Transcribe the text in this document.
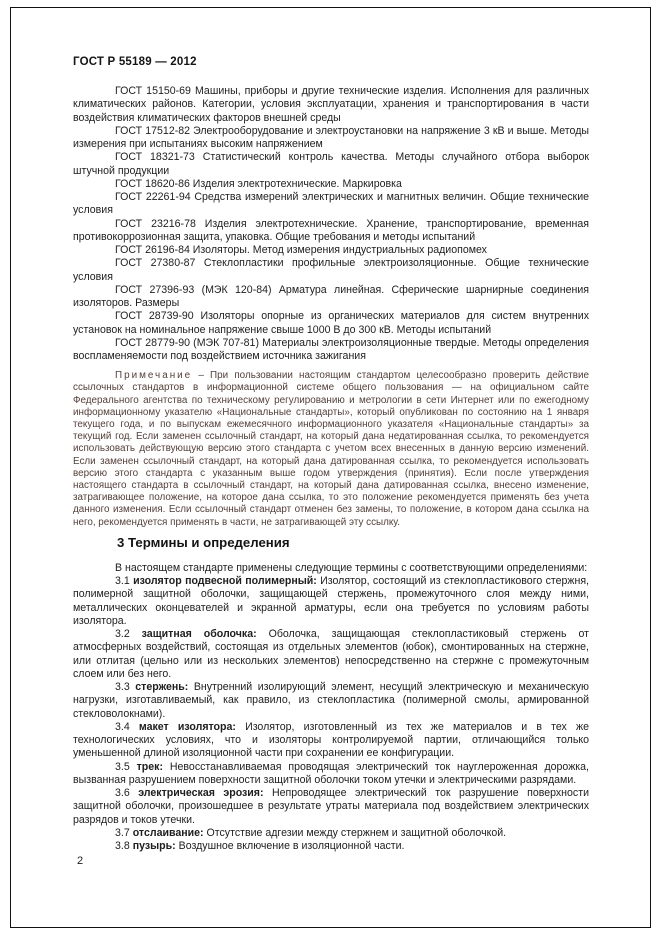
ГОСТ Р 55189 — 2012

ГОСТ 15150-69 Машины, приборы и другие технические изделия. Исполнения для различных климатических районов. Категории, условия эксплуатации, хранения и транспортирования в части воздействия климатических факторов внешней среды

ГОСТ 17512-82 Электрооборудование и электроустановки на напряжение 3 кВ и выше. Методы измерения при испытаниях высоким напряжением

ГОСТ 18321-73 Статистический контроль качества. Методы случайного отбора выборок штучной продукции

ГОСТ 18620-86 Изделия электротехнические. Маркировка

ГОСТ 22261-94 Средства измерений электрических и магнитных величин. Общие технические условия

ГОСТ 23216-78 Изделия электротехнические. Хранение, транспортирование, временная противокоррозионная защита, упаковка. Общие требования и методы испытаний

ГОСТ 26196-84 Изоляторы. Метод измерения индустриальных радиопомех

ГОСТ 27380-87 Стеклопластики профильные электроизоляционные. Общие технические условия

ГОСТ 27396-93 (МЭК 120-84) Арматура линейная. Сферические шарнирные соединения изоляторов. Размеры

ГОСТ 28739-90 Изоляторы опорные из органических материалов для систем внутренних установок на номинальное напряжение свыше 1000 В до 300 кВ. Методы испытаний

ГОСТ 28779-90 (МЭК 707-81) Материалы электроизоляционные твердые. Методы определения воспламеняемости под воздействием источника зажигания

Примечание – При пользовании настоящим стандартом целесообразно проверить действие ссылочных стандартов в информационной системе общего пользования — на официальном сайте Федерального агентства по техническому регулированию и метрологии в сети Интернет или по ежегодному информационному указателю «Национальные стандарты», который опубликован по состоянию на 1 января текущего года, и по выпускам ежемесячного информационного указателя «Национальные стандарты» за текущий год. Если заменен ссылочный стандарт, на который дана недатированная ссылка, то рекомендуется использовать действующую версию этого стандарта с учетом всех внесенных в данную версию изменений. Если заменен ссылочный стандарт, на который дана датированная ссылка, то рекомендуется использовать версию этого стандарта с указанным выше годом утверждения (принятия). Если после утверждения настоящего стандарта в ссылочный стандарт, на который дана датированная ссылка, внесено изменение, затрагивающее положение, на которое дана ссылка, то это положение рекомендуется применять без учета данного изменения. Если ссылочный стандарт отменен без замены, то положение, в котором дана ссылка на него, рекомендуется применять в части, не затрагивающей эту ссылку.
3 Термины и определения

В настоящем стандарте применены следующие термины с соответствующими определениями:

3.1 изолятор подвесной полимерный: Изолятор, состоящий из стеклопластикового стержня, полимерной защитной оболочки, защищающей стержень, промежуточного слоя между ними, металлических оконцевателей и экранной арматуры, если она требуется по условиям работы изолятора.

3.2 защитная оболочка: Оболочка, защищающая стеклопластиковый стержень от атмосферных воздействий, состоящая из отдельных элементов (юбок), смонтированных на стержне, или отлитая (цельно или из нескольких элементов) непосредственно на стержне с промежуточным слоем или без него.

3.3 стержень: Внутренний изолирующий элемент, несущий электрическую и механическую нагрузки, изготавливаемый, как правило, из стеклопластика (полимерной смолы, армированной стекловолокнами).

3.4 макет изолятора: Изолятор, изготовленный из тех же материалов и в тех же технологических условиях, что и изоляторы контролируемой партии, отличающийся только уменьшенной длиной изоляционной части при сохранении ее конфигурации.

3.5 трек: Невосстанавливаемая проводящая электрический ток науглероженная дорожка, вызванная разрушением поверхности защитной оболочки током утечки и электрическими разрядами.

3.6 электрическая эрозия: Непроводящее электрический ток разрушение поверхности защитной оболочки, произошедшее в результате утраты материала под воздействием электрических разрядов и токов утечки.

3.7 отслаивание: Отсутствие адгезии между стержнем и защитной оболочкой.

3.8 пузырь: Воздушное включение в изоляционной части.

2
